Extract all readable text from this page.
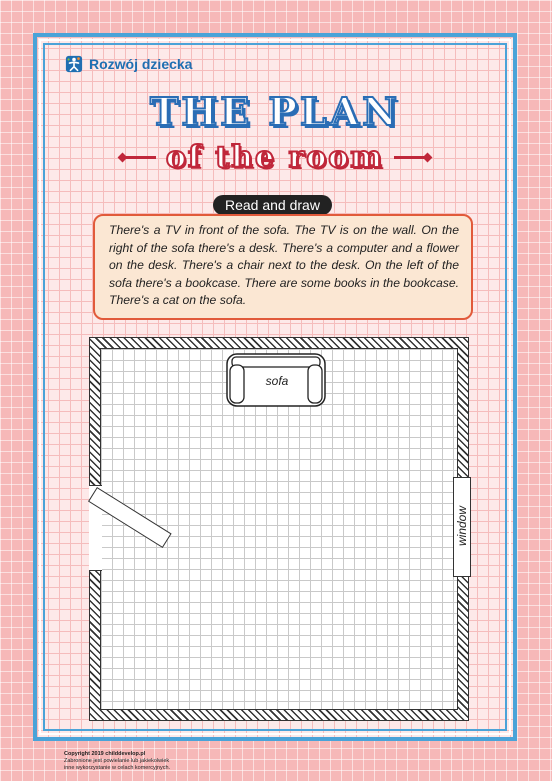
Rozwój dziecka
THE PLAN
of the room
Read and draw
There's a TV in front of the sofa. The TV is on the wall. On the right of the sofa there's a desk. There's a computer and a flower on the desk. There's a chair next to the desk. On the left of the sofa there's a bookcase. There are some books in the bookcase. There's a cat on the sofa.
window
sofa
Copyright 2019 childdevelop.pl
Zabronione jest powielanie lub jakiekolwiek
inne wykorzystanie w celach komercyjnych.
